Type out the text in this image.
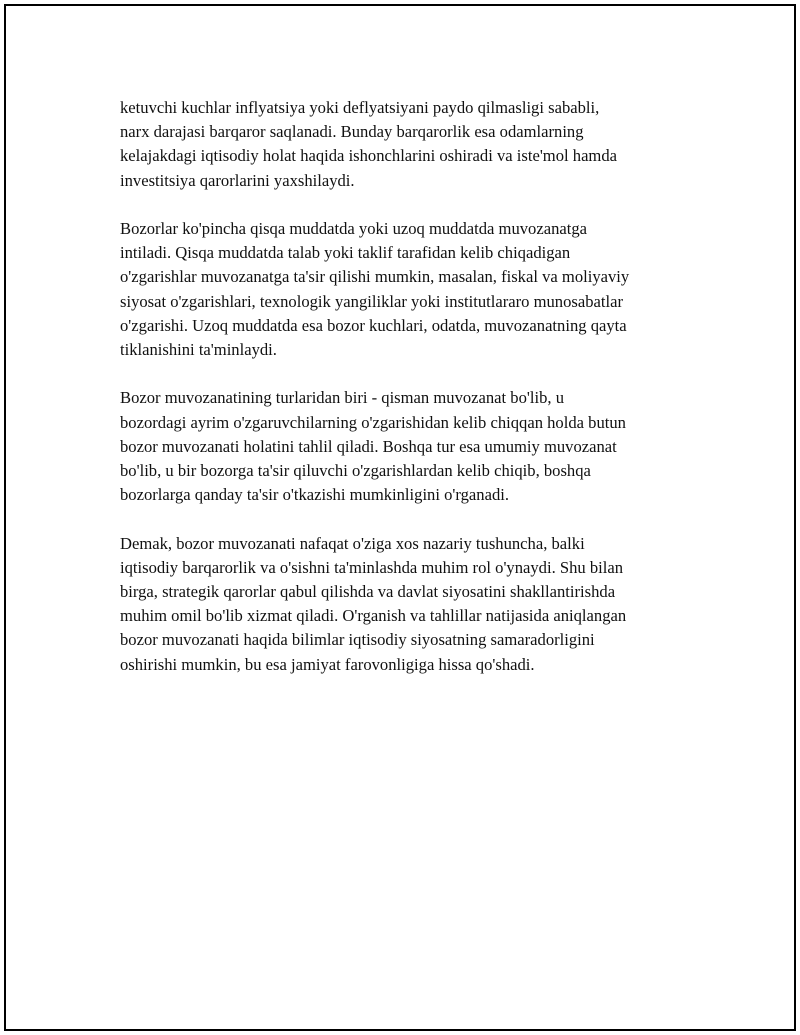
ketuvchi kuchlar inflyatsiya yoki deflyatsiyani paydo qilmasligi sababli,
narx darajasi barqaror saqlanadi. Bunday barqarorlik esa odamlarning
kelajakdagi iqtisodiy holat haqida ishonchlarini oshiradi va iste'mol hamda
investitsiya qarorlarini yaxshilaydi.

Bozorlar ko'pincha qisqa muddatda yoki uzoq muddatda muvozanatga
intiladi. Qisqa muddatda talab yoki taklif tarafidan kelib chiqadigan
o'zgarishlar muvozanatga ta'sir qilishi mumkin, masalan, fiskal va moliyaviy
siyosat o'zgarishlari, texnologik yangiliklar yoki institutlararo munosabatlar
o'zgarishi. Uzoq muddatda esa bozor kuchlari, odatda, muvozanatning qayta
tiklanishini ta'minlaydi.

Bozor muvozanatining turlaridan biri - qisman muvozanat bo'lib, u
bozordagi ayrim o'zgaruvchilarning o'zgarishidan kelib chiqqan holda butun
bozor muvozanati holatini tahlil qiladi. Boshqa tur esa umumiy muvozanat
bo'lib, u bir bozorga ta'sir qiluvchi o'zgarishlardan kelib chiqib, boshqa
bozorlarga qanday ta'sir o'tkazishi mumkinligini o'rganadi.

Demak, bozor muvozanati nafaqat o'ziga xos nazariy tushuncha, balki
iqtisodiy barqarorlik va o'sishni ta'minlashda muhim rol o'ynaydi. Shu bilan
birga, strategik qarorlar qabul qilishda va davlat siyosatini shakllantirishda
muhim omil bo'lib xizmat qiladi. O'rganish va tahlillar natijasida aniqlangan
bozor muvozanati haqida bilimlar iqtisodiy siyosatning samaradorligini
oshirishi mumkin, bu esa jamiyat farovonligiga hissa qo'shadi.
